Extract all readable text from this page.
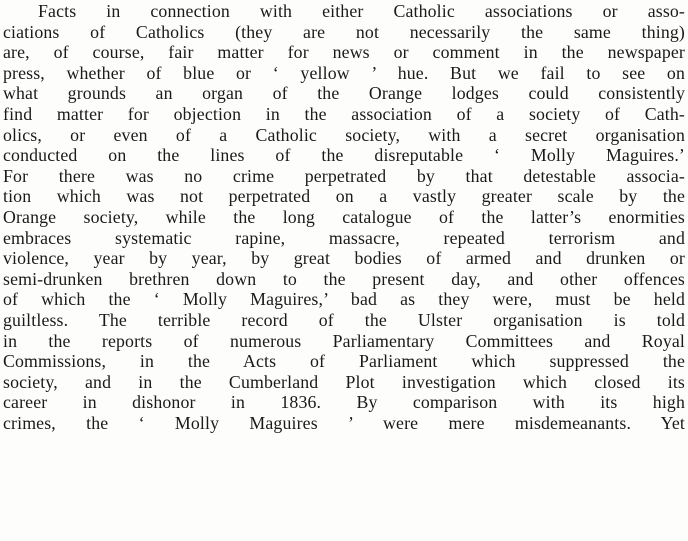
Facts in connection with either Catholic associations or asso-
ciations of Catholics (they are not necessarily the same thing)
are, of course, fair matter for news or comment in the newspaper
press, whether of blue or ‘ yellow ’ hue. But we fail to see on
what grounds an organ of the Orange lodges could consistently
find matter for objection in the association of a society of Cath-
olics, or even of a Catholic society, with a secret organisation
conducted on the lines of the disreputable ‘ Molly Maguires.’
For there was no crime perpetrated by that detestable associa-
tion which was not perpetrated on a vastly greater scale by the
Orange society, while the long catalogue of the latter’s enormities
embraces systematic rapine, massacre, repeated terrorism and
violence, year by year, by great bodies of armed and drunken or
semi-drunken brethren down to the present day, and other offences
of which the ‘ Molly Maguires,’ bad as they were, must be held
guiltless. The terrible record of the Ulster organisation is told
in the reports of numerous Parliamentary Committees and Royal
Commissions, in the Acts of Parliament which suppressed the
society, and in the Cumberland Plot investigation which closed its
career in dishonor in 1836. By comparison with its high
crimes, the ‘ Molly Maguires ’ were mere misdemeanants. Yet
